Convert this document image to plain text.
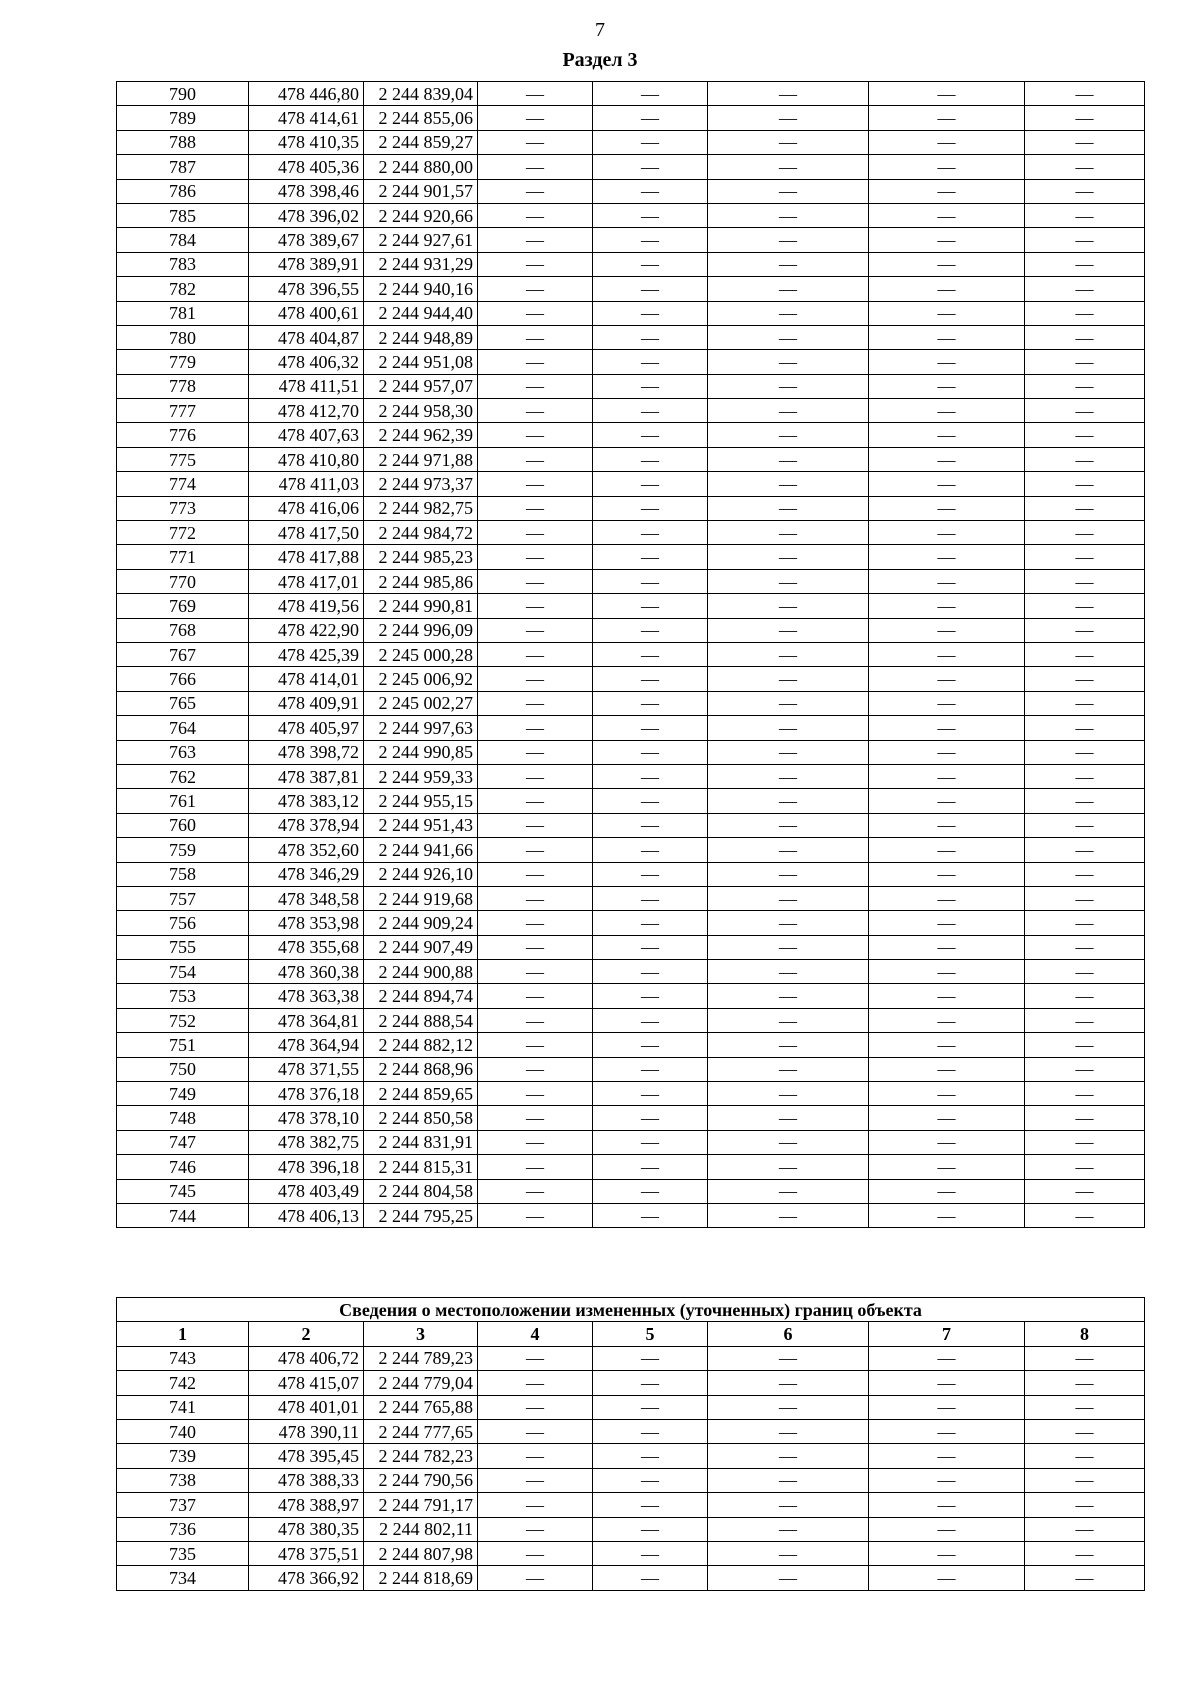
7
Раздел 3
790	478 446,80	2 244 839,04	—	—	—	—	—
789	478 414,61	2 244 855,06	—	—	—	—	—
788	478 410,35	2 244 859,27	—	—	—	—	—
787	478 405,36	2 244 880,00	—	—	—	—	—
786	478 398,46	2 244 901,57	—	—	—	—	—
785	478 396,02	2 244 920,66	—	—	—	—	—
784	478 389,67	2 244 927,61	—	—	—	—	—
783	478 389,91	2 244 931,29	—	—	—	—	—
782	478 396,55	2 244 940,16	—	—	—	—	—
781	478 400,61	2 244 944,40	—	—	—	—	—
780	478 404,87	2 244 948,89	—	—	—	—	—
779	478 406,32	2 244 951,08	—	—	—	—	—
778	478 411,51	2 244 957,07	—	—	—	—	—
777	478 412,70	2 244 958,30	—	—	—	—	—
776	478 407,63	2 244 962,39	—	—	—	—	—
775	478 410,80	2 244 971,88	—	—	—	—	—
774	478 411,03	2 244 973,37	—	—	—	—	—
773	478 416,06	2 244 982,75	—	—	—	—	—
772	478 417,50	2 244 984,72	—	—	—	—	—
771	478 417,88	2 244 985,23	—	—	—	—	—
770	478 417,01	2 244 985,86	—	—	—	—	—
769	478 419,56	2 244 990,81	—	—	—	—	—
768	478 422,90	2 244 996,09	—	—	—	—	—
767	478 425,39	2 245 000,28	—	—	—	—	—
766	478 414,01	2 245 006,92	—	—	—	—	—
765	478 409,91	2 245 002,27	—	—	—	—	—
764	478 405,97	2 244 997,63	—	—	—	—	—
763	478 398,72	2 244 990,85	—	—	—	—	—
762	478 387,81	2 244 959,33	—	—	—	—	—
761	478 383,12	2 244 955,15	—	—	—	—	—
760	478 378,94	2 244 951,43	—	—	—	—	—
759	478 352,60	2 244 941,66	—	—	—	—	—
758	478 346,29	2 244 926,10	—	—	—	—	—
757	478 348,58	2 244 919,68	—	—	—	—	—
756	478 353,98	2 244 909,24	—	—	—	—	—
755	478 355,68	2 244 907,49	—	—	—	—	—
754	478 360,38	2 244 900,88	—	—	—	—	—
753	478 363,38	2 244 894,74	—	—	—	—	—
752	478 364,81	2 244 888,54	—	—	—	—	—
751	478 364,94	2 244 882,12	—	—	—	—	—
750	478 371,55	2 244 868,96	—	—	—	—	—
749	478 376,18	2 244 859,65	—	—	—	—	—
748	478 378,10	2 244 850,58	—	—	—	—	—
747	478 382,75	2 244 831,91	—	—	—	—	—
746	478 396,18	2 244 815,31	—	—	—	—	—
745	478 403,49	2 244 804,58	—	—	—	—	—
744	478 406,13	2 244 795,25	—	—	—	—	—
Сведения о местоположении измененных (уточненных) границ объекта							
1	2	3	4	5	6	7	8
743	478 406,72	2 244 789,23	—	—	—	—	—
742	478 415,07	2 244 779,04	—	—	—	—	—
741	478 401,01	2 244 765,88	—	—	—	—	—
740	478 390,11	2 244 777,65	—	—	—	—	—
739	478 395,45	2 244 782,23	—	—	—	—	—
738	478 388,33	2 244 790,56	—	—	—	—	—
737	478 388,97	2 244 791,17	—	—	—	—	—
736	478 380,35	2 244 802,11	—	—	—	—	—
735	478 375,51	2 244 807,98	—	—	—	—	—
734	478 366,92	2 244 818,69	—	—	—	—	—
